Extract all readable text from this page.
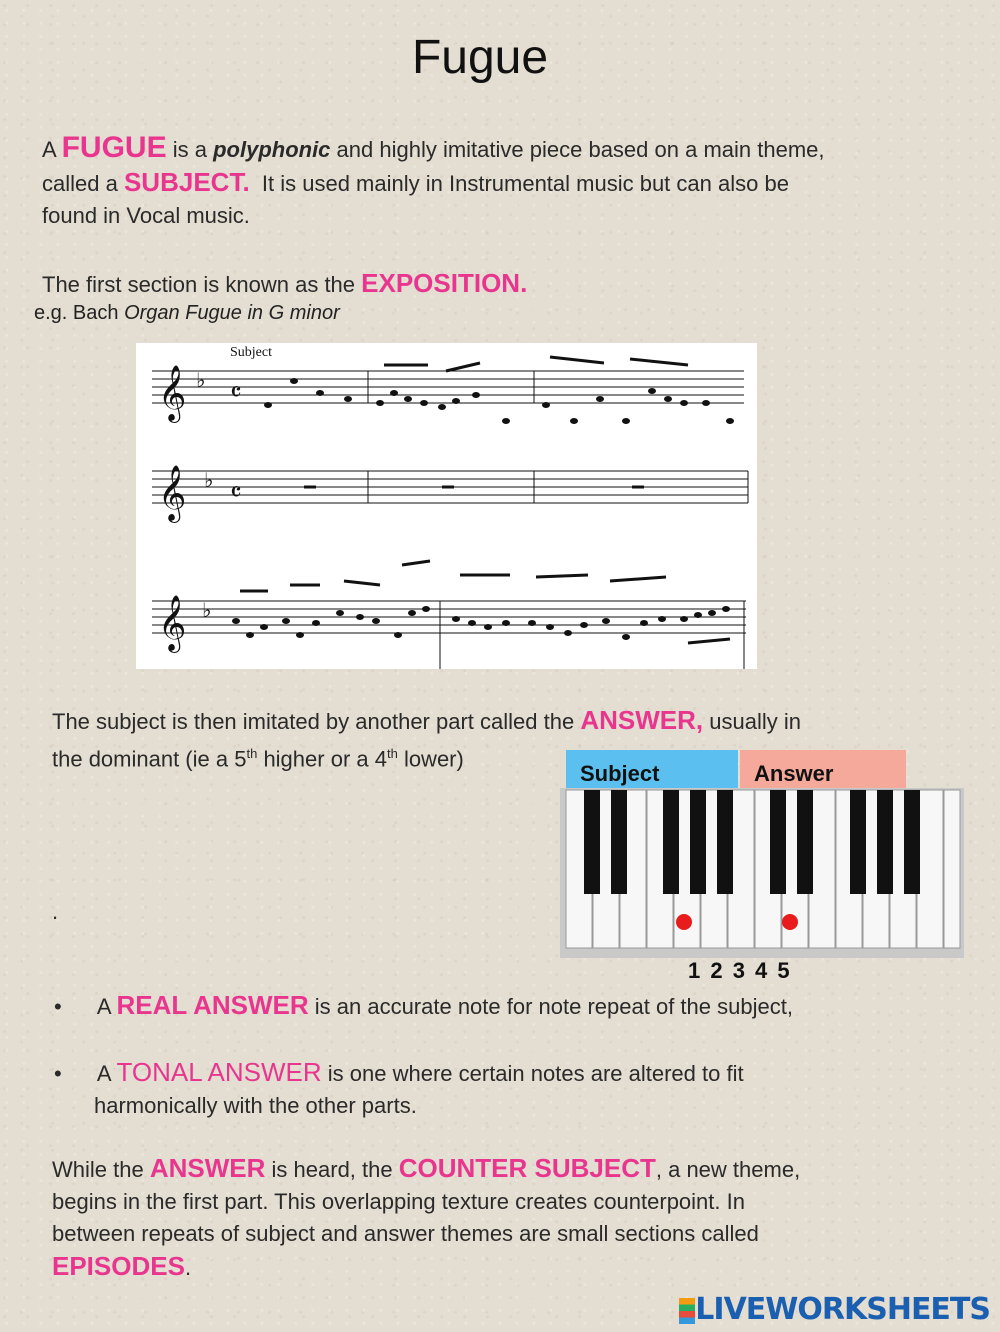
Fugue
A FUGUE is a polyphonic and highly imitative piece based on a main theme,
called a SUBJECT. It is used mainly in Instrumental music but can also be
found in Vocal music.
The first section is known as the EXPOSITION.
e.g. Bach Organ Fugue in G minor
Subject
𝄞
𝄞
𝄞
♭
♭
♭
𝄴
𝄴
The subject is then imitated by another part called the ANSWER, usually in
the dominant (ie a 5th higher or a 4th lower)
.
Subject	Answer
1 2 3 4 5
• A REAL ANSWER is an accurate note for note repeat of the subject,
• A TONAL ANSWER is one where certain notes are altered to fit
harmonically with the other parts.
While the ANSWER is heard, the COUNTER SUBJECT, a new theme,
begins in the first part. This overlapping texture creates counterpoint. In
between repeats of subject and answer themes are small sections called
EPISODES.
LIVEWORKSHEETS
